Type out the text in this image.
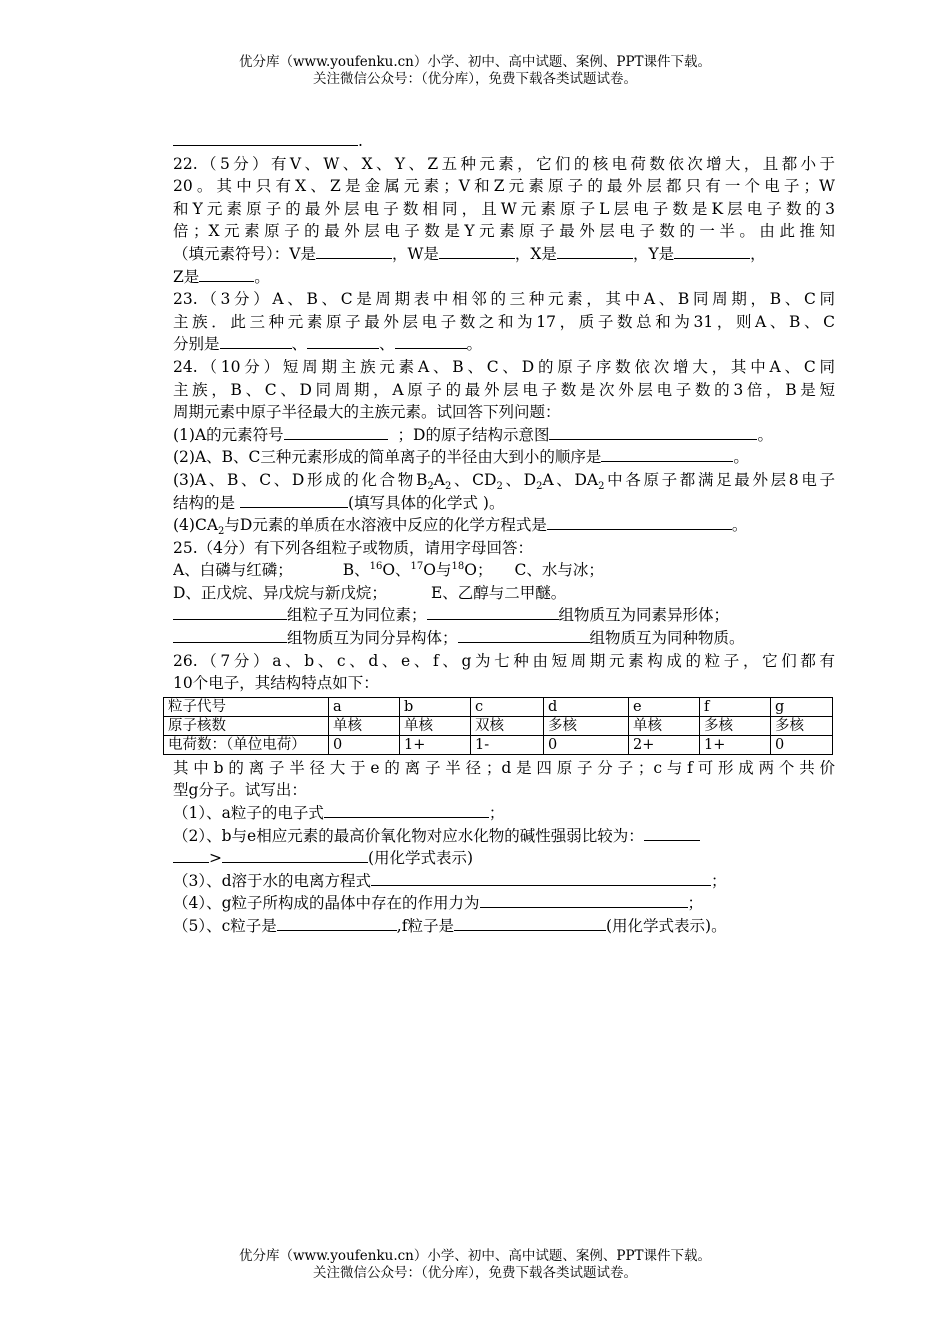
优分库（www.youfenku.cn）小学、初中、高中试题、案例、PPT课件下载。
关注微信公众号：（优分库），免费下载各类试题试卷。
.
22.（5分）有V、W、X、Y、Z五种元素，它们的核电荷数依次增大，且都小于
20。其中只有X、Z是金属元素；V和Z元素原子的最外层都只有一个电子；W
和Y元素原子的最外层电子数相同，且W元素原子L层电子数是K层电子数的3
倍；X元素原子的最外层电子数是Y元素原子最外层电子数的一半。由此推知
（填元素符号）：V是	，W是	，X是	，Y是	，
Z是	。
23.（3分）A、B、C是周期表中相邻的三种元素，其中A、B同周期，B、C同
主族．此三种元素原子最外层电子数之和为17，质子数总和为31，则A、B、C
分别是	、	、	。
24.（10分）短周期主族元素A、B、C、D的原子序数依次增大，其中A、C同
主族，B、C、D同周期，A原子的最外层电子数是次外层电子数的3倍，B是短
周期元素中原子半径最大的主族元素。试回答下列问题：
(1)A的元素符号	；D的原子结构示意图	。
(2)A、B、C三种元素形成的简单离子的半径由大到小的顺序是	。
(3)A、B、C、D形成的化合物$B_2A_2$、$CD_2$、$D_2A$、$DA_2$中各原子都满足最外层8电子
结构的是	(填写具体的化学式 )。
$(4)CA_2$与D元素的单质在水溶液中反应的化学方程式是	。
25.（4分）有下列各组粒子或物质，请用字母回答：
A、白磷与红磷；	B、$^{16}$O、$^{17}$O与$^{18}$O； C、水与冰；
D、正戊烷、异戊烷与新戊烷；	E、乙醇与二甲醚。
组粒子互为同位素；	组物质互为同素异形体；
组物质互为同分异构体；	组物质互为同种物质。
26.（7分）a、b、c、d、e、f、g为七种由短周期元素构成的粒子，它们都有
10个电子，其结构特点如下：
粒子代号	a	b	c	d	e	f	g
原子核数	单核	单核	双核	多核	单核	多核	多核
电荷数：（单位电荷）	0	1+	1-	0	2+	1+	0
其中b的离子半径大于e的离子半径；d是四原子分子；c与f可形成两个共价
型g分子。试写出：
（1）、a粒子的电子式	；
（2）、b与e相应元素的最高价氧化物对应水化物的碱性强弱比较为：
>	(用化学式表示)
（3）、d溶于水的电离方程式	；
（4）、g粒子所构成的晶体中存在的作用力为	；
（5）、c粒子是	,f粒子是	(用化学式表示)。
优分库（www.youfenku.cn）小学、初中、高中试题、案例、PPT课件下载。
关注微信公众号：（优分库），免费下载各类试题试卷。
